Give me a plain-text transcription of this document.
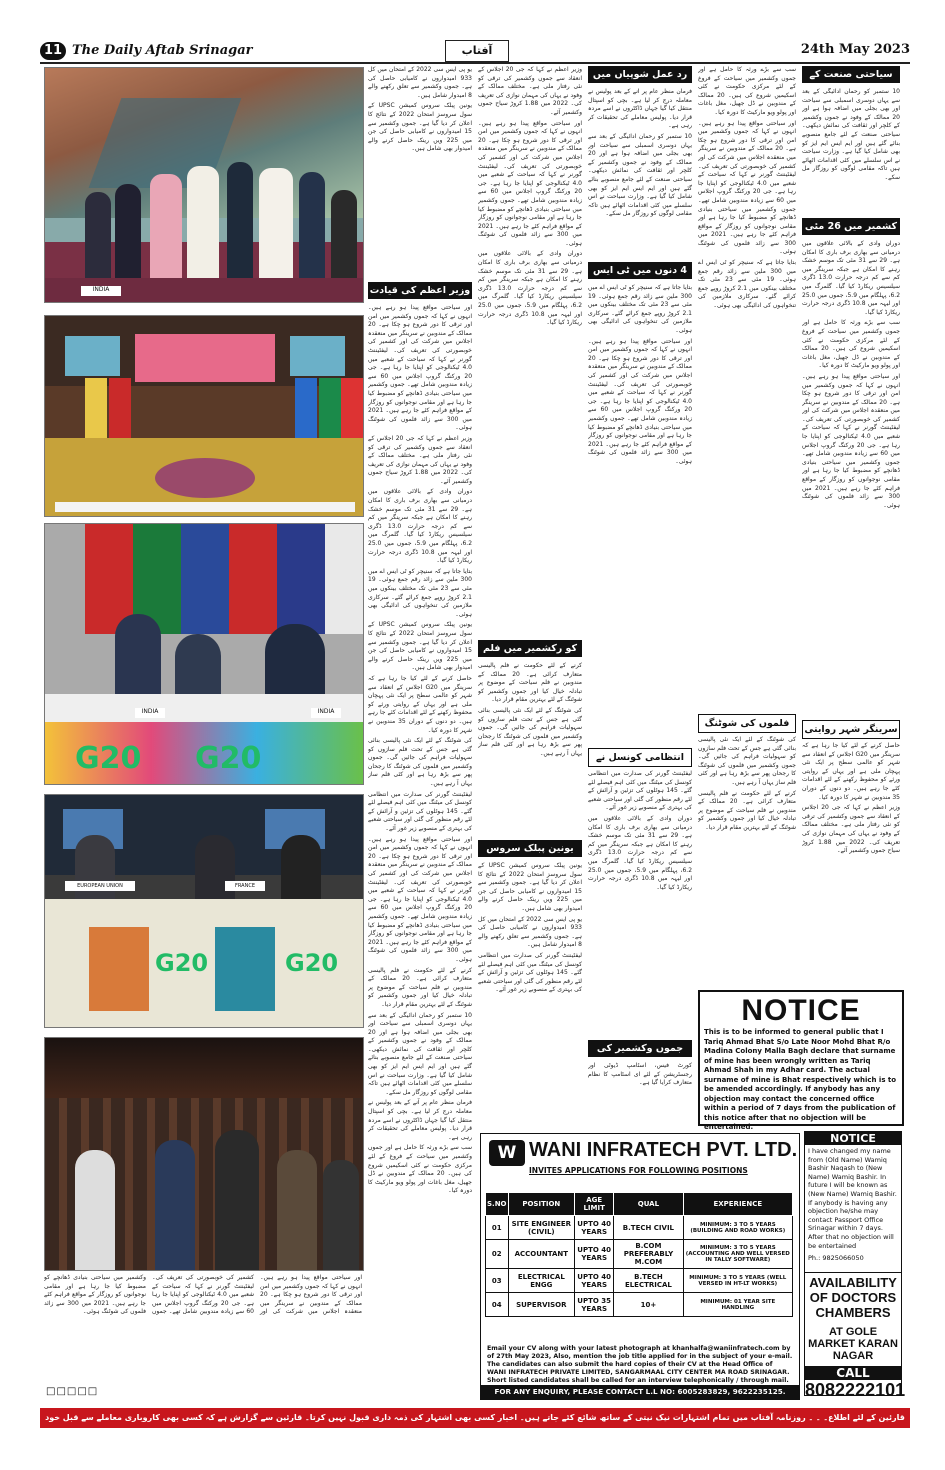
11 The Daily Aftab Srinagar	آفتاب	24th May 2023
INDIA
G20 G20
INDIA	INDIA
EUROPEAN UNION	FRANCE
G20	G20
سیاحتی صنعت کے

10 ستمبر کو رحمان ادائیگی کے بعد سے یہاں دوسری اسمبلی سے سیاحت اور بھی بجلی میں اضافہ ہوا ہے اور 20 ممالک کے وفود نے جموں وکشمیر کے کلچر اور ثقافت کی نمائش دیکھی۔ سیاحتی صنعت کے لئے جامع منصوبے بنائے گئے ہیں اور ایم ایس ایم ایز کو بھی شامل کیا گیا ہے۔ وزارت سیاحت نے اس سلسلے میں کئی اقدامات اٹھائے ہیں تاکہ مقامی لوگوں کو روزگار مل سکے۔

کشمیر میں 26 مئی

دوران وادی کے بالائی علاقوں میں درمیانی سے بھاری برف باری کا امکان ہے۔ 29 سے 31 مئی تک موسم خشک رہنے کا امکان ہے جبکہ سرینگر میں کم سے کم درجہ حرارت 13.0 ڈگری سیلسیس ریکارڈ کیا گیا۔ گلمرگ میں 6.2، پہلگام میں 5.9، جموں میں 25.0 اور لیہہ میں 10.8 ڈگری درجہ حرارت ریکارڈ کیا گیا۔

سب سے بڑے ورثہ کا حامل ہے اور جموں وکشمیر میں سیاحت کے فروغ کے لئے مرکزی حکومت نے کئی اسکیمیں شروع کی ہیں۔ 20 ممالک کے مندوبین نے ڈل جھیل، مغل باغات اور پولو ویو مارکیٹ کا دورہ کیا۔

اور سیاحتی مواقع پیدا ہو رہے ہیں۔ انہوں نے کہا کہ جموں وکشمیر میں امن اور ترقی کا دور شروع ہو چکا ہے۔ 20 ممالک کے مندوبین نے سرینگر میں منعقدہ اجلاس میں شرکت کی اور کشمیر کی خوبصورتی کی تعریف کی۔ لیفٹیننٹ گورنر نے کہا کہ سیاحت کے شعبے میں 4.0 ٹیکنالوجی کو اپنایا جا رہا ہے۔ جی 20 ورکنگ گروپ اجلاس میں 60 سے زیادہ مندوبین شامل تھے۔ جموں وکشمیر میں سیاحتی بنیادی ڈھانچے کو مضبوط کیا جا رہا ہے اور مقامی نوجوانوں کو روزگار کے مواقع فراہم کئے جا رہے ہیں۔ 2021 میں 300 سے زائد فلموں کی شوٹنگ ہوئی۔

سرینگر شہر روایتی

حاصل کرنے کے لئے کیا جا رہا ہے کہ سرینگر میں G20 اجلاس کے انعقاد سے شہر کو عالمی سطح پر ایک نئی پہچان ملی ہے اور یہاں کے روایتی ورثے کو محفوظ رکھنے کے لئے اقدامات کئے جا رہے ہیں۔ دو دنوں کے دوران 35 مندوبین نے شہر کا دورہ کیا۔

وزیر اعظم نے کہا کہ جی 20 اجلاس کے انعقاد سے جموں وکشمیر کی ترقی کو نئی رفتار ملی ہے۔ مختلف ممالک کے وفود نے یہاں کی مہمان نوازی کی تعریف کی۔ 2022 میں 1.88 کروڑ سیاح جموں وکشمیر آئے۔

سب سے بڑے ورثہ کا حامل ہے اور جموں وکشمیر میں سیاحت کے فروغ کے لئے مرکزی حکومت نے کئی اسکیمیں شروع کی ہیں۔ 20 ممالک کے مندوبین نے ڈل جھیل، مغل باغات اور پولو ویو مارکیٹ کا دورہ کیا۔

اور سیاحتی مواقع پیدا ہو رہے ہیں۔ انہوں نے کہا کہ جموں وکشمیر میں امن اور ترقی کا دور شروع ہو چکا ہے۔ 20 ممالک کے مندوبین نے سرینگر میں منعقدہ اجلاس میں شرکت کی اور کشمیر کی خوبصورتی کی تعریف کی۔ لیفٹیننٹ گورنر نے کہا کہ سیاحت کے شعبے میں 4.0 ٹیکنالوجی کو اپنایا جا رہا ہے۔ جی 20 ورکنگ گروپ اجلاس میں 60 سے زیادہ مندوبین شامل تھے۔ جموں وکشمیر میں سیاحتی بنیادی ڈھانچے کو مضبوط کیا جا رہا ہے اور مقامی نوجوانوں کو روزگار کے مواقع فراہم کئے جا رہے ہیں۔ 2021 میں 300 سے زائد فلموں کی شوٹنگ ہوئی۔

بتایا جاتا ہے کہ سنیچر کو ٹی ایس اے میں 300 ملین سے زائد رقم جمع ہوئی۔ 19 مئی سے 23 مئی تک مختلف بینکوں میں 2.1 کروڑ روپے جمع کرائے گئے۔ سرکاری ملازمین کی تنخواہوں کی ادائیگی بھی ہوئی۔

فلموں کی شوٹنگ

کی شوٹنگ کے لئے ایک نئی پالیسی بنائی گئی ہے جس کے تحت فلم سازوں کو سہولیات فراہم کی جائیں گی۔ جموں وکشمیر میں فلموں کی شوٹنگ کا رجحان پھر سے بڑھ رہا ہے اور کئی فلم ساز یہاں آ رہے ہیں۔

کرنے کے لئے حکومت نے فلم پالیسی متعارف کرائی ہے۔ 20 ممالک کے مندوبین نے فلم سیاحت کے موضوع پر تبادلہ خیال کیا اور جموں وکشمیر کو شوٹنگ کے لئے بہترین مقام قرار دیا۔

رد عمل شوپیاں میں

فرمان منظر عام پر آنے کے بعد پولیس نے معاملہ درج کر لیا ہے۔ بچی کو اسپتال منتقل کیا گیا جہاں ڈاکٹروں نے اسے مردہ قرار دیا۔ پولیس معاملے کی تحقیقات کر رہی ہے۔

10 ستمبر کو رحمان ادائیگی کے بعد سے یہاں دوسری اسمبلی سے سیاحت اور بھی بجلی میں اضافہ ہوا ہے اور 20 ممالک کے وفود نے جموں وکشمیر کے کلچر اور ثقافت کی نمائش دیکھی۔ سیاحتی صنعت کے لئے جامع منصوبے بنائے گئے ہیں اور ایم ایس ایم ایز کو بھی شامل کیا گیا ہے۔ وزارت سیاحت نے اس سلسلے میں کئی اقدامات اٹھائے ہیں تاکہ مقامی لوگوں کو روزگار مل سکے۔

4 دنوں میں ٹی ایس

بتایا جاتا ہے کہ سنیچر کو ٹی ایس اے میں 300 ملین سے زائد رقم جمع ہوئی۔ 19 مئی سے 23 مئی تک مختلف بینکوں میں 2.1 کروڑ روپے جمع کرائے گئے۔ سرکاری ملازمین کی تنخواہوں کی ادائیگی بھی ہوئی۔

اور سیاحتی مواقع پیدا ہو رہے ہیں۔ انہوں نے کہا کہ جموں وکشمیر میں امن اور ترقی کا دور شروع ہو چکا ہے۔ 20 ممالک کے مندوبین نے سرینگر میں منعقدہ اجلاس میں شرکت کی اور کشمیر کی خوبصورتی کی تعریف کی۔ لیفٹیننٹ گورنر نے کہا کہ سیاحت کے شعبے میں 4.0 ٹیکنالوجی کو اپنایا جا رہا ہے۔ جی 20 ورکنگ گروپ اجلاس میں 60 سے زیادہ مندوبین شامل تھے۔ جموں وکشمیر میں سیاحتی بنیادی ڈھانچے کو مضبوط کیا جا رہا ہے اور مقامی نوجوانوں کو روزگار کے مواقع فراہم کئے جا رہے ہیں۔ 2021 میں 300 سے زائد فلموں کی شوٹنگ ہوئی۔

انتظامی کونسل نے

لیفٹیننٹ گورنر کی صدارت میں انتظامی کونسل کی میٹنگ میں کئی اہم فیصلے لئے گئے۔ 145 ہوٹلوں کی تزئین و آرائش کے لئے رقم منظور کی گئی اور سیاحتی شعبے کی بہتری کے منصوبے زیر غور آئے۔

دوران وادی کے بالائی علاقوں میں درمیانی سے بھاری برف باری کا امکان ہے۔ 29 سے 31 مئی تک موسم خشک رہنے کا امکان ہے جبکہ سرینگر میں کم سے کم درجہ حرارت 13.0 ڈگری سیلسیس ریکارڈ کیا گیا۔ گلمرگ میں 6.2، پہلگام میں 5.9، جموں میں 25.0 اور لیہہ میں 10.8 ڈگری درجہ حرارت ریکارڈ کیا گیا۔

جموں وکشمیر کی

کورٹ فیس، اسٹامپ ڈیوٹی اور رجسٹریشن کے لئے ای اسٹامپ کا نظام متعارف کرایا گیا ہے۔

وزیر اعظم نے کہا کہ جی 20 اجلاس کے انعقاد سے جموں وکشمیر کی ترقی کو نئی رفتار ملی ہے۔ مختلف ممالک کے وفود نے یہاں کی مہمان نوازی کی تعریف کی۔ 2022 میں 1.88 کروڑ سیاح جموں وکشمیر آئے۔

اور سیاحتی مواقع پیدا ہو رہے ہیں۔ انہوں نے کہا کہ جموں وکشمیر میں امن اور ترقی کا دور شروع ہو چکا ہے۔ 20 ممالک کے مندوبین نے سرینگر میں منعقدہ اجلاس میں شرکت کی اور کشمیر کی خوبصورتی کی تعریف کی۔ لیفٹیننٹ گورنر نے کہا کہ سیاحت کے شعبے میں 4.0 ٹیکنالوجی کو اپنایا جا رہا ہے۔ جی 20 ورکنگ گروپ اجلاس میں 60 سے زیادہ مندوبین شامل تھے۔ جموں وکشمیر میں سیاحتی بنیادی ڈھانچے کو مضبوط کیا جا رہا ہے اور مقامی نوجوانوں کو روزگار کے مواقع فراہم کئے جا رہے ہیں۔ 2021 میں 300 سے زائد فلموں کی شوٹنگ ہوئی۔

دوران وادی کے بالائی علاقوں میں درمیانی سے بھاری برف باری کا امکان ہے۔ 29 سے 31 مئی تک موسم خشک رہنے کا امکان ہے جبکہ سرینگر میں کم سے کم درجہ حرارت 13.0 ڈگری سیلسیس ریکارڈ کیا گیا۔ گلمرگ میں 6.2، پہلگام میں 5.9، جموں میں 25.0 اور لیہہ میں 10.8 ڈگری درجہ حرارت ریکارڈ کیا گیا۔

کو رکشمیر میں فلم

کرنے کے لئے حکومت نے فلم پالیسی متعارف کرائی ہے۔ 20 ممالک کے مندوبین نے فلم سیاحت کے موضوع پر تبادلہ خیال کیا اور جموں وکشمیر کو شوٹنگ کے لئے بہترین مقام قرار دیا۔

کی شوٹنگ کے لئے ایک نئی پالیسی بنائی گئی ہے جس کے تحت فلم سازوں کو سہولیات فراہم کی جائیں گی۔ جموں وکشمیر میں فلموں کی شوٹنگ کا رجحان پھر سے بڑھ رہا ہے اور کئی فلم ساز یہاں آ رہے ہیں۔

یونین پبلک سروس

یونین پبلک سروس کمیشن UPSC کے سول سروسز امتحان 2022 کے نتائج کا اعلان کر دیا گیا ہے۔ جموں وکشمیر سے 15 امیدواروں نے کامیابی حاصل کی جن میں 225 ویں رینک حاصل کرنے والے امیدوار بھی شامل ہیں۔

یو پی ایس سی 2022 کے امتحان میں کل 933 امیدواروں نے کامیابی حاصل کی ہے۔ جموں وکشمیر سے تعلق رکھنے والے 8 امیدوار شامل ہیں۔

لیفٹیننٹ گورنر کی صدارت میں انتظامی کونسل کی میٹنگ میں کئی اہم فیصلے لئے گئے۔ 145 ہوٹلوں کی تزئین و آرائش کے لئے رقم منظور کی گئی اور سیاحتی شعبے کی بہتری کے منصوبے زیر غور آئے۔

یو پی ایس سی 2022 کے امتحان میں کل 933 امیدواروں نے کامیابی حاصل کی ہے۔ جموں وکشمیر سے تعلق رکھنے والے 8 امیدوار شامل ہیں۔

یونین پبلک سروس کمیشن UPSC کے سول سروسز امتحان 2022 کے نتائج کا اعلان کر دیا گیا ہے۔ جموں وکشمیر سے 15 امیدواروں نے کامیابی حاصل کی جن میں 225 ویں رینک حاصل کرنے والے امیدوار بھی شامل ہیں۔

وزیر اعظم کی قیادت

اور سیاحتی مواقع پیدا ہو رہے ہیں۔ انہوں نے کہا کہ جموں وکشمیر میں امن اور ترقی کا دور شروع ہو چکا ہے۔ 20 ممالک کے مندوبین نے سرینگر میں منعقدہ اجلاس میں شرکت کی اور کشمیر کی خوبصورتی کی تعریف کی۔ لیفٹیننٹ گورنر نے کہا کہ سیاحت کے شعبے میں 4.0 ٹیکنالوجی کو اپنایا جا رہا ہے۔ جی 20 ورکنگ گروپ اجلاس میں 60 سے زیادہ مندوبین شامل تھے۔ جموں وکشمیر میں سیاحتی بنیادی ڈھانچے کو مضبوط کیا جا رہا ہے اور مقامی نوجوانوں کو روزگار کے مواقع فراہم کئے جا رہے ہیں۔ 2021 میں 300 سے زائد فلموں کی شوٹنگ ہوئی۔

وزیر اعظم نے کہا کہ جی 20 اجلاس کے انعقاد سے جموں وکشمیر کی ترقی کو نئی رفتار ملی ہے۔ مختلف ممالک کے وفود نے یہاں کی مہمان نوازی کی تعریف کی۔ 2022 میں 1.88 کروڑ سیاح جموں وکشمیر آئے۔

دوران وادی کے بالائی علاقوں میں درمیانی سے بھاری برف باری کا امکان ہے۔ 29 سے 31 مئی تک موسم خشک رہنے کا امکان ہے جبکہ سرینگر میں کم سے کم درجہ حرارت 13.0 ڈگری سیلسیس ریکارڈ کیا گیا۔ گلمرگ میں 6.2، پہلگام میں 5.9، جموں میں 25.0 اور لیہہ میں 10.8 ڈگری درجہ حرارت ریکارڈ کیا گیا۔

بتایا جاتا ہے کہ سنیچر کو ٹی ایس اے میں 300 ملین سے زائد رقم جمع ہوئی۔ 19 مئی سے 23 مئی تک مختلف بینکوں میں 2.1 کروڑ روپے جمع کرائے گئے۔ سرکاری ملازمین کی تنخواہوں کی ادائیگی بھی ہوئی۔

یونین پبلک سروس کمیشن UPSC کے سول سروسز امتحان 2022 کے نتائج کا اعلان کر دیا گیا ہے۔ جموں وکشمیر سے 15 امیدواروں نے کامیابی حاصل کی جن میں 225 ویں رینک حاصل کرنے والے امیدوار بھی شامل ہیں۔

حاصل کرنے کے لئے کیا جا رہا ہے کہ سرینگر میں G20 اجلاس کے انعقاد سے شہر کو عالمی سطح پر ایک نئی پہچان ملی ہے اور یہاں کے روایتی ورثے کو محفوظ رکھنے کے لئے اقدامات کئے جا رہے ہیں۔ دو دنوں کے دوران 35 مندوبین نے شہر کا دورہ کیا۔

کی شوٹنگ کے لئے ایک نئی پالیسی بنائی گئی ہے جس کے تحت فلم سازوں کو سہولیات فراہم کی جائیں گی۔ جموں وکشمیر میں فلموں کی شوٹنگ کا رجحان پھر سے بڑھ رہا ہے اور کئی فلم ساز یہاں آ رہے ہیں۔

لیفٹیننٹ گورنر کی صدارت میں انتظامی کونسل کی میٹنگ میں کئی اہم فیصلے لئے گئے۔ 145 ہوٹلوں کی تزئین و آرائش کے لئے رقم منظور کی گئی اور سیاحتی شعبے کی بہتری کے منصوبے زیر غور آئے۔

اور سیاحتی مواقع پیدا ہو رہے ہیں۔ انہوں نے کہا کہ جموں وکشمیر میں امن اور ترقی کا دور شروع ہو چکا ہے۔ 20 ممالک کے مندوبین نے سرینگر میں منعقدہ اجلاس میں شرکت کی اور کشمیر کی خوبصورتی کی تعریف کی۔ لیفٹیننٹ گورنر نے کہا کہ سیاحت کے شعبے میں 4.0 ٹیکنالوجی کو اپنایا جا رہا ہے۔ جی 20 ورکنگ گروپ اجلاس میں 60 سے زیادہ مندوبین شامل تھے۔ جموں وکشمیر میں سیاحتی بنیادی ڈھانچے کو مضبوط کیا جا رہا ہے اور مقامی نوجوانوں کو روزگار کے مواقع فراہم کئے جا رہے ہیں۔ 2021 میں 300 سے زائد فلموں کی شوٹنگ ہوئی۔

کرنے کے لئے حکومت نے فلم پالیسی متعارف کرائی ہے۔ 20 ممالک کے مندوبین نے فلم سیاحت کے موضوع پر تبادلہ خیال کیا اور جموں وکشمیر کو شوٹنگ کے لئے بہترین مقام قرار دیا۔

10 ستمبر کو رحمان ادائیگی کے بعد سے یہاں دوسری اسمبلی سے سیاحت اور بھی بجلی میں اضافہ ہوا ہے اور 20 ممالک کے وفود نے جموں وکشمیر کے کلچر اور ثقافت کی نمائش دیکھی۔ سیاحتی صنعت کے لئے جامع منصوبے بنائے گئے ہیں اور ایم ایس ایم ایز کو بھی شامل کیا گیا ہے۔ وزارت سیاحت نے اس سلسلے میں کئی اقدامات اٹھائے ہیں تاکہ مقامی لوگوں کو روزگار مل سکے۔

فرمان منظر عام پر آنے کے بعد پولیس نے معاملہ درج کر لیا ہے۔ بچی کو اسپتال منتقل کیا گیا جہاں ڈاکٹروں نے اسے مردہ قرار دیا۔ پولیس معاملے کی تحقیقات کر رہی ہے۔

سب سے بڑے ورثہ کا حامل ہے اور جموں وکشمیر میں سیاحت کے فروغ کے لئے مرکزی حکومت نے کئی اسکیمیں شروع کی ہیں۔ 20 ممالک کے مندوبین نے ڈل جھیل، مغل باغات اور پولو ویو مارکیٹ کا دورہ کیا۔

اور سیاحتی مواقع پیدا ہو رہے ہیں۔ انہوں نے کہا کہ جموں وکشمیر میں امن اور ترقی کا دور شروع ہو چکا ہے۔ 20 ممالک کے مندوبین نے سرینگر میں منعقدہ اجلاس میں شرکت کی اور کشمیر کی خوبصورتی کی تعریف کی۔ لیفٹیننٹ گورنر نے کہا کہ سیاحت کے شعبے میں 4.0 ٹیکنالوجی کو اپنایا جا رہا ہے۔ جی 20 ورکنگ گروپ اجلاس میں 60 سے زیادہ مندوبین شامل تھے۔ جموں وکشمیر میں سیاحتی بنیادی ڈھانچے کو مضبوط کیا جا رہا ہے اور مقامی نوجوانوں کو روزگار کے مواقع فراہم کئے جا رہے ہیں۔ 2021 میں 300 سے زائد فلموں کی شوٹنگ ہوئی۔

□□□□□
NOTICE
This is to be informed to general public that I Tariq Ahmad Bhat S/o Late Noor Mohd Bhat R/o Madina Colony Malla Bagh declare that surname of mine has been wrongly written as Tariq Ahmad Shah in my Adhar card. The actual surname of mine is Bhat respectively which is to be amended accordingly. If anybody has any objection may contact the concerned office within a period of 7 days from the publication of this notice after that no objection will be entertained.
W WANI INFRATECH PVT. LTD.
INVITES APPLICATIONS FOR FOLLOWING POSITIONS
S.NO	POSITION	AGE LIMIT	QUAL	EXPERIENCE
01	SITE ENGINEER (CIVIL)	UPTO 40 YEARS	B.TECH CIVIL	MINIMUM: 3 TO 5 YEARS (BUILDING AND ROAD WORKS)
02	ACCOUNTANT	UPTO 40 YEARS	B.COM PREFERABLY M.COM	MINIMUM: 3 TO 5 YEARS (ACCOUNTING AND WELL VERSED IN TALLY SOFTWARE)
03	ELECTRICAL ENGG	UPTO 40 YEARS	B.TECH ELECTRICAL	MINIMUM: 3 TO 5 YEARS (WELL VERSED IN HT-LT WORKS)
04	SUPERVISOR	UPTO 35 YEARS	10+	MINIMUM: 01 YEAR SITE HANDLING
Email your CV along with your latest photograph at khanhalfa@waniinfratech.com by of 27th May 2023, Also, mention the job title applied for in the subject of your e-mail.
The candidates can also submit the hard copies of their CV at the Head Office of WANI INFRATECH PRIVATE LIMITED, SANGARMAAL CITY CENTER MA ROAD SRINAGAR.
Short listed candidates shall be called for an interview telephonically / through mail.
FOR ANY ENQUIRY, PLEASE CONTACT L.L NO: 6005283829, 9622235125.
NOTICE
I have changed my name from (Old Name) Wamiq Bashir Naqash to (New Name) Wamiq Bashir. In future I will be known as (New Name) Wamiq Bashir. If anybody is having any objection he/she may contact Passport Office Srinagar within 7 days. After that no objection will be entertained
Ph.: 9825066050
AVAILABILITY OF DOCTORS CHAMBERS
AT GOLE MARKET KARAN NAGAR
CALL
8082222101
قارئین کے لئے اطلاع۔ ۔ ۔ روزنامہ آفتاب میں تمام اشتہارات نیک نیتی کے ساتھ شائع کئے جاتے ہیں۔ اخبار کسی بھی اشتہار کی ذمہ داری قبول نہیں کرتا۔ قارئین سے گزارش ہے کہ کسی بھی کاروباری معاملے سے قبل خود
